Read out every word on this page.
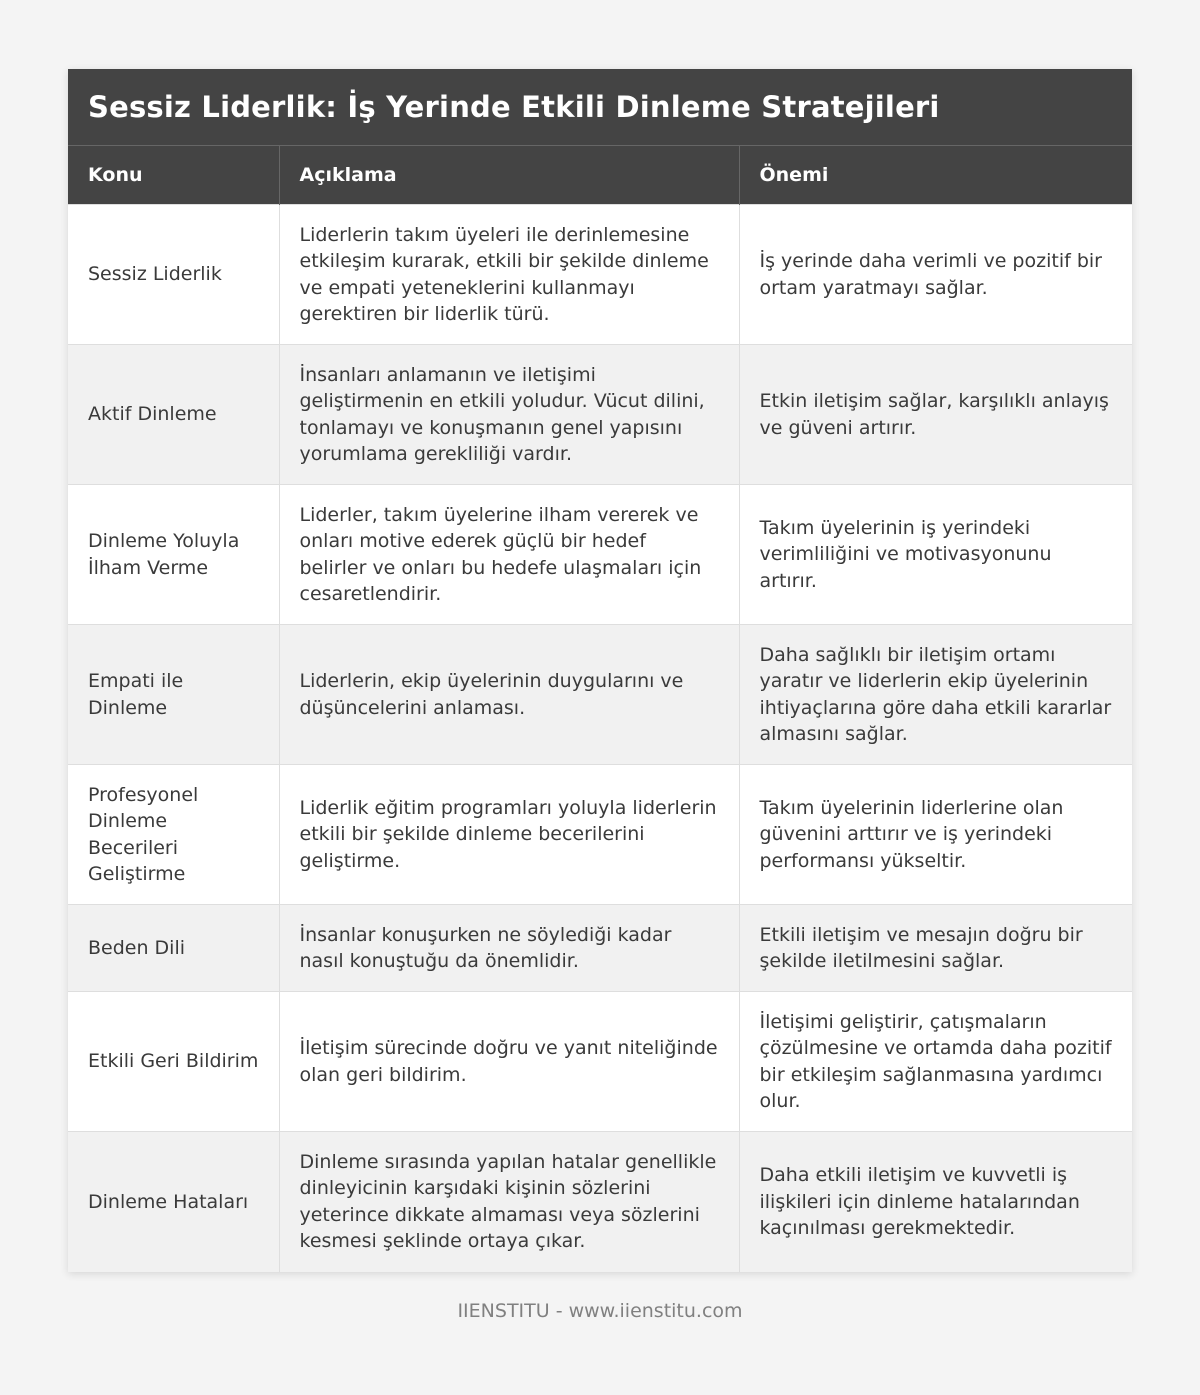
Sessiz Liderlik: İş Yerinde Etkili Dinleme Stratejileri
Konu	Açıklama	Önemi
Sessiz Liderlik	Liderlerin takım üyeleri ile derinlemesine etkileşim kurarak, etkili bir şekilde dinleme ve empati yeteneklerini kullanmayı gerektiren bir liderlik türü.	İş yerinde daha verimli ve pozitif bir ortam yaratmayı sağlar.
Aktif Dinleme	İnsanları anlamanın ve iletişimi geliştirmenin en etkili yoludur. Vücut dilini, tonlamayı ve konuşmanın genel yapısını yorumlama gerekliliği vardır.	Etkin iletişim sağlar, karşılıklı anlayış ve güveni artırır.
Dinleme Yoluyla İlham Verme	Liderler, takım üyelerine ilham vererek ve onları motive ederek güçlü bir hedef belirler ve onları bu hedefe ulaşmaları için cesaretlendirir.	Takım üyelerinin iş yerindeki verimliliğini ve motivasyonunu artırır.
Empati ile Dinleme	Liderlerin, ekip üyelerinin duygularını ve düşüncelerini anlaması.	Daha sağlıklı bir iletişim ortamı yaratır ve liderlerin ekip üyelerinin ihtiyaçlarına göre daha etkili kararlar almasını sağlar.
Profesyonel Dinleme Becerileri Geliştirme	Liderlik eğitim programları yoluyla liderlerin etkili bir şekilde dinleme becerilerini geliştirme.	Takım üyelerinin liderlerine olan güvenini arttırır ve iş yerindeki performansı yükseltir.
Beden Dili	İnsanlar konuşurken ne söylediği kadar nasıl konuştuğu da önemlidir.	Etkili iletişim ve mesajın doğru bir şekilde iletilmesini sağlar.
Etkili Geri Bildirim	İletişim sürecinde doğru ve yanıt niteliğinde olan geri bildirim.	İletişimi geliştirir, çatışmaların çözülmesine ve ortamda daha pozitif bir etkileşim sağlanmasına yardımcı olur.
Dinleme Hataları	Dinleme sırasında yapılan hatalar genellikle dinleyicinin karşıdaki kişinin sözlerini yeterince dikkate almaması veya sözlerini kesmesi şeklinde ortaya çıkar.	Daha etkili iletişim ve kuvvetli iş ilişkileri için dinleme hatalarından kaçınılması gerekmektedir.
IIENSTITU - www.iienstitu.com
